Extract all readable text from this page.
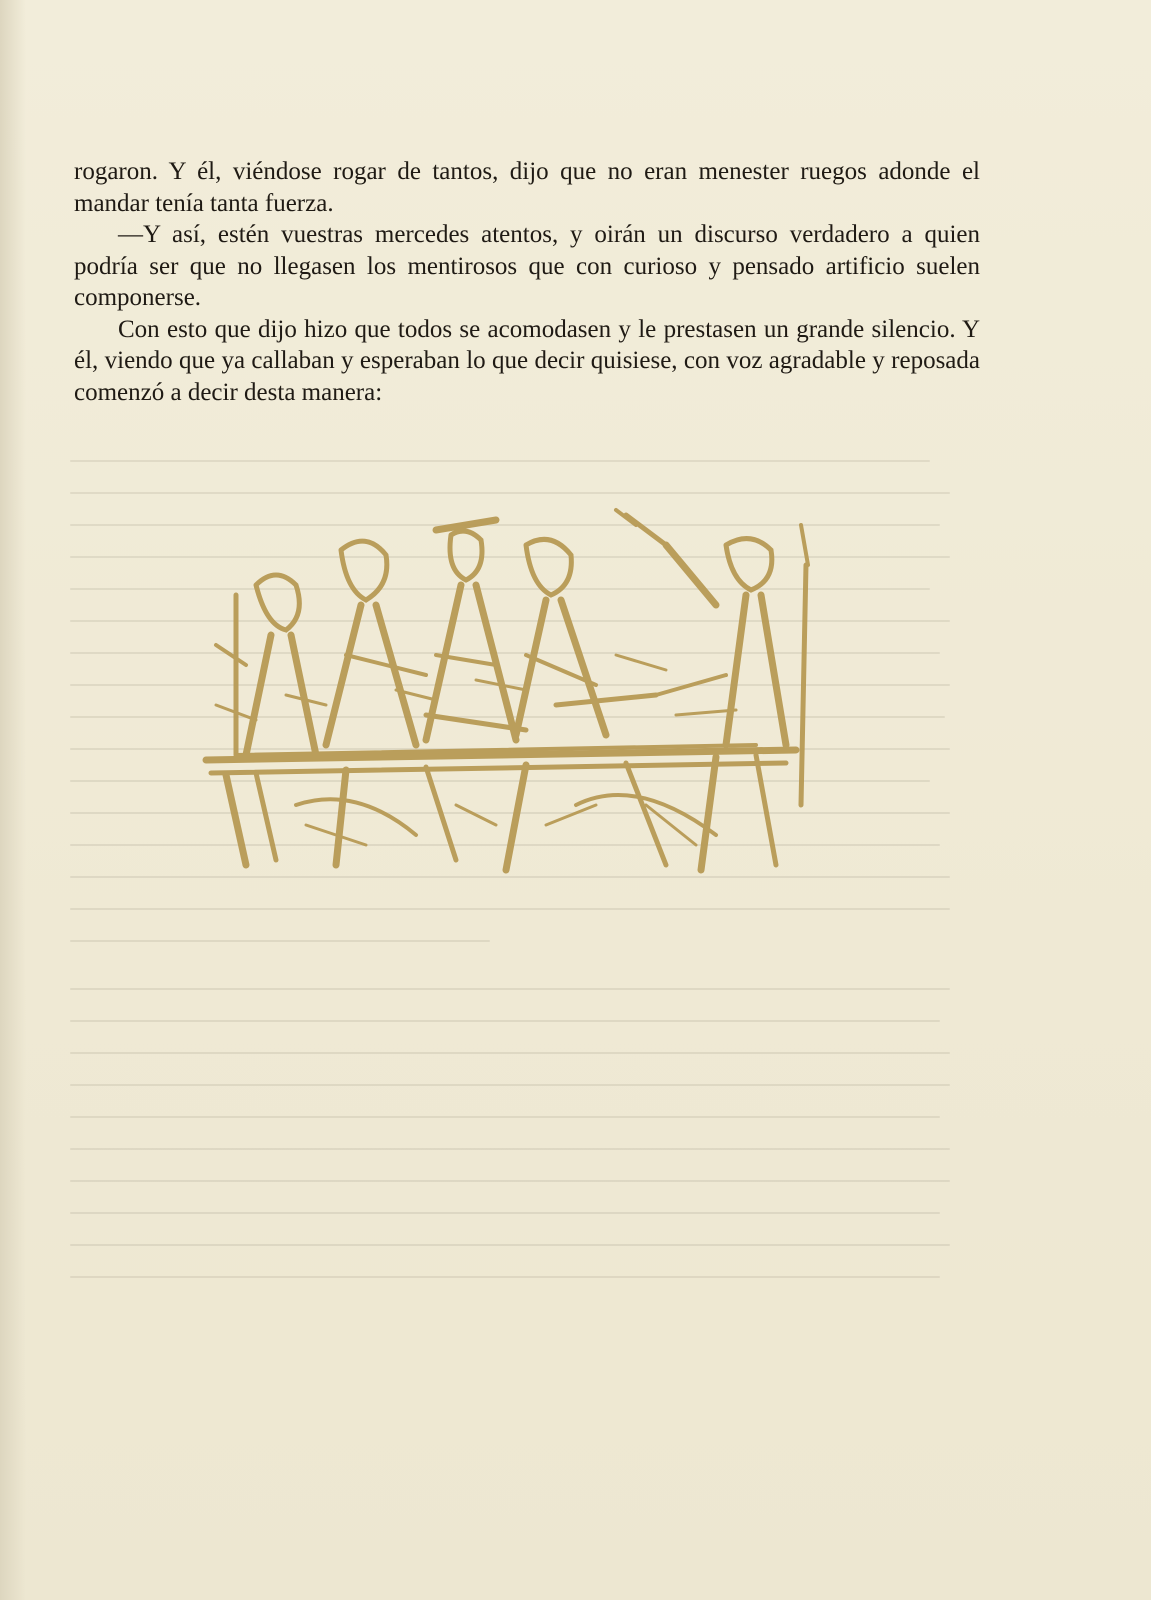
rogaron. Y él, viéndose rogar de tantos, dijo que no eran menester ruegos adonde el mandar tenía tanta fuerza.

—Y así, estén vuestras mercedes atentos, y oirán un discurso verdadero a quien podría ser que no llegasen los mentirosos que con curioso y pensado artificio suelen componerse.

Con esto que dijo hizo que todos se acomodasen y le prestasen un grande silencio. Y él, viendo que ya callaban y esperaban lo que decir quisiese, con voz agradable y reposada comenzó a decir desta manera:
